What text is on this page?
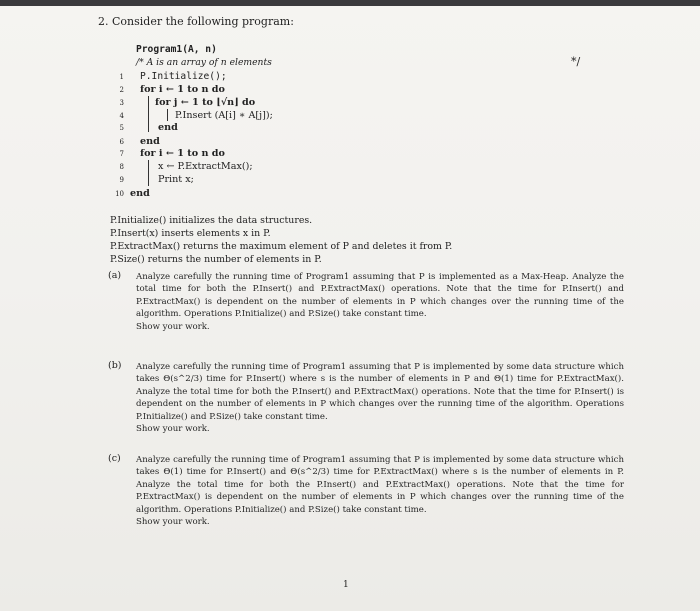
2. Consider the following program:
Program1(A, n)
/* A is an array of n elements	*/
1 P.Initialize();
2 for i ← 1 to n do
3	for j ← 1 to ⌊√n⌋ do
4	P.Insert (A[i] ∗ A[j]);
5	end
6 end
7 for i ← 1 to n do
8	x ← P.ExtractMax();
9	Print x;
10 end
P.Initialize() initializes the data structures.
P.Insert(x) inserts elements x in P.
P.ExtractMax() returns the maximum element of P and deletes it from P.
P.Size() returns the number of elements in P.
(a) Analyze carefully the running time of Program1 assuming that P is implemented as a Max-Heap. Analyze the total time for both the P.Insert() and P.ExtractMax() operations. Note that the time for P.Insert() and P.ExtractMax() is dependent on the number of elements in P which changes over the running time of the algorithm. Operations P.Initialize() and P.Size() take constant time.
Show your work.
(b) Analyze carefully the running time of Program1 assuming that P is implemented by some data structure which takes Θ(s^2/3) time for P.Insert() where s is the number of elements in P and Θ(1) time for P.ExtractMax(). Analyze the total time for both the P.Insert() and P.ExtractMax() operations. Note that the time for P.Insert() is dependent on the number of elements in P which changes over the running time of the algorithm. Operations P.Initialize() and P.Size() take constant time.
Show your work.
(c) Analyze carefully the running time of Program1 assuming that P is implemented by some data structure which takes Θ(1) time for P.Insert() and Θ(s^2/3) time for P.ExtractMax() where s is the number of elements in P. Analyze the total time for both the P.Insert() and P.ExtractMax() operations. Note that the time for P.ExtractMax() is dependent on the number of elements in P which changes over the running time of the algorithm. Operations P.Initialize() and P.Size() take constant time.
Show your work.
1
